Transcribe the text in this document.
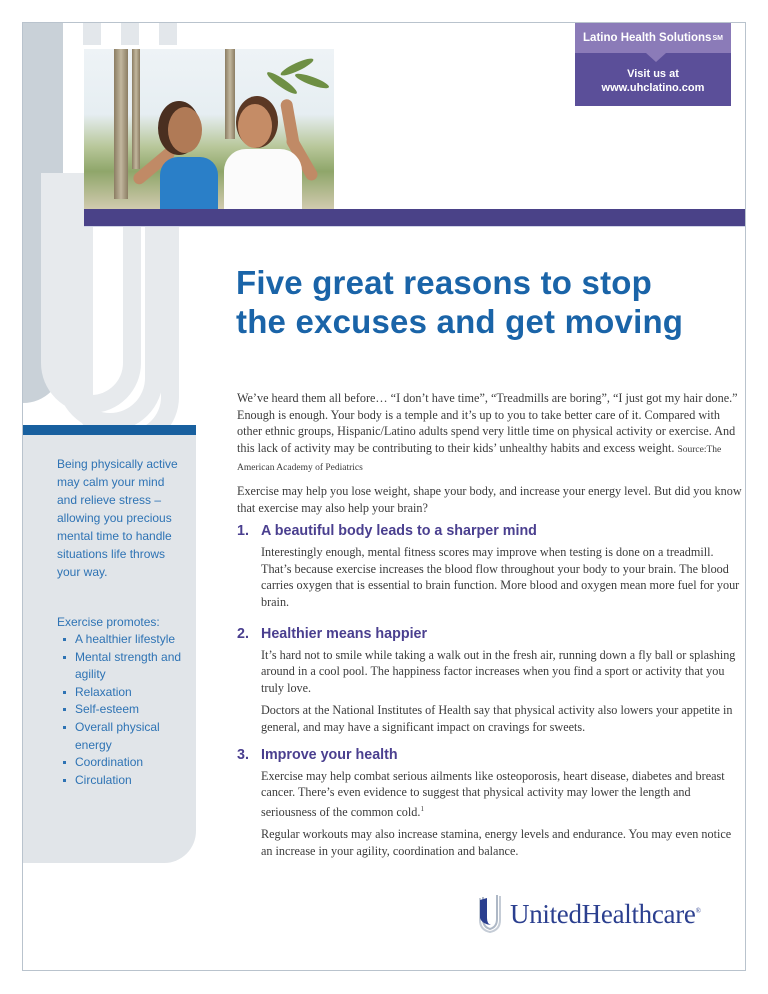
Latino Health Solutions SM
Visit us at
www.uhclatino.com
Five great reasons to stop
the excuses and get moving

Being physically active may calm your mind and relieve stress – allowing you precious mental time to handle situations life throws your way.

Exercise promotes:

A healthier lifestyle
Mental strength and agility
Relaxation
Self-esteem
Overall physical energy
Coordination
Circulation

We’ve heard them all before… “I don’t have time”, “Treadmills are boring”, “I just got my hair done.” Enough is enough. Your body is a temple and it’s up to you to take better care of it. Compared with other ethnic groups, Hispanic/Latino adults spend very little time on physical activity or exercise. And this lack of activity may be contributing to their kids’ unhealthy habits and excess weight. Source:The American Academy of Pediatrics

Exercise may help you lose weight, shape your body, and increase your energy level. But did you know that exercise may also help your brain?

1. A beautiful body leads to a sharper mind

Interestingly enough, mental fitness scores may improve when testing is done on a treadmill. That’s because exercise increases the blood flow throughout your body to your brain. The blood carries oxygen that is essential to brain function. More blood and oxygen mean more fuel for your brain.

2. Healthier means happier

It’s hard not to smile while taking a walk out in the fresh air, running down a fly ball or splashing around in a cool pool. The happiness factor increases when you find a sport or activity that you truly love.

Doctors at the National Institutes of Health say that physical activity also lowers your appetite in general, and may have a significant impact on cravings for sweets.

3. Improve your health

Exercise may help combat serious ailments like osteoporosis, heart disease, diabetes and breast cancer. There’s even evidence to suggest that physical activity may lower the length and seriousness of the common cold.$^1$

Regular workouts may also increase stamina, energy levels and endurance. You may even notice an increase in your agility, coordination and balance.

UnitedHealthcare®
